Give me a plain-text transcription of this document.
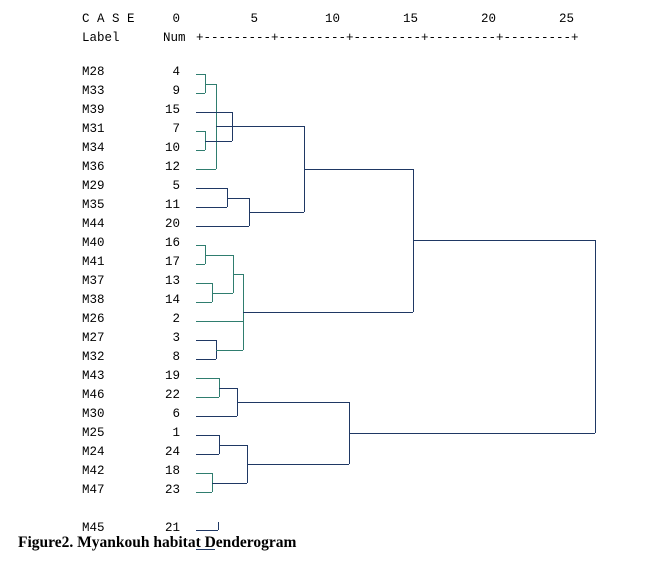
C A S E
Label	Num
0	5	10	15	20	25
+---------+---------+---------+---------+---------+
M28	4
M33	9
M39	15
M31	7
M34	10
M36	12
M29	5
M35	11
M44	20
M40	16
M41	17
M37	13
M38	14
M26	2
M27	3
M32	8
M43	19
M46	22
M30	6
M25	1
M24	24
M42	18
M47	23
M45	21
Figure2. Myankouh habitat Denderogram
